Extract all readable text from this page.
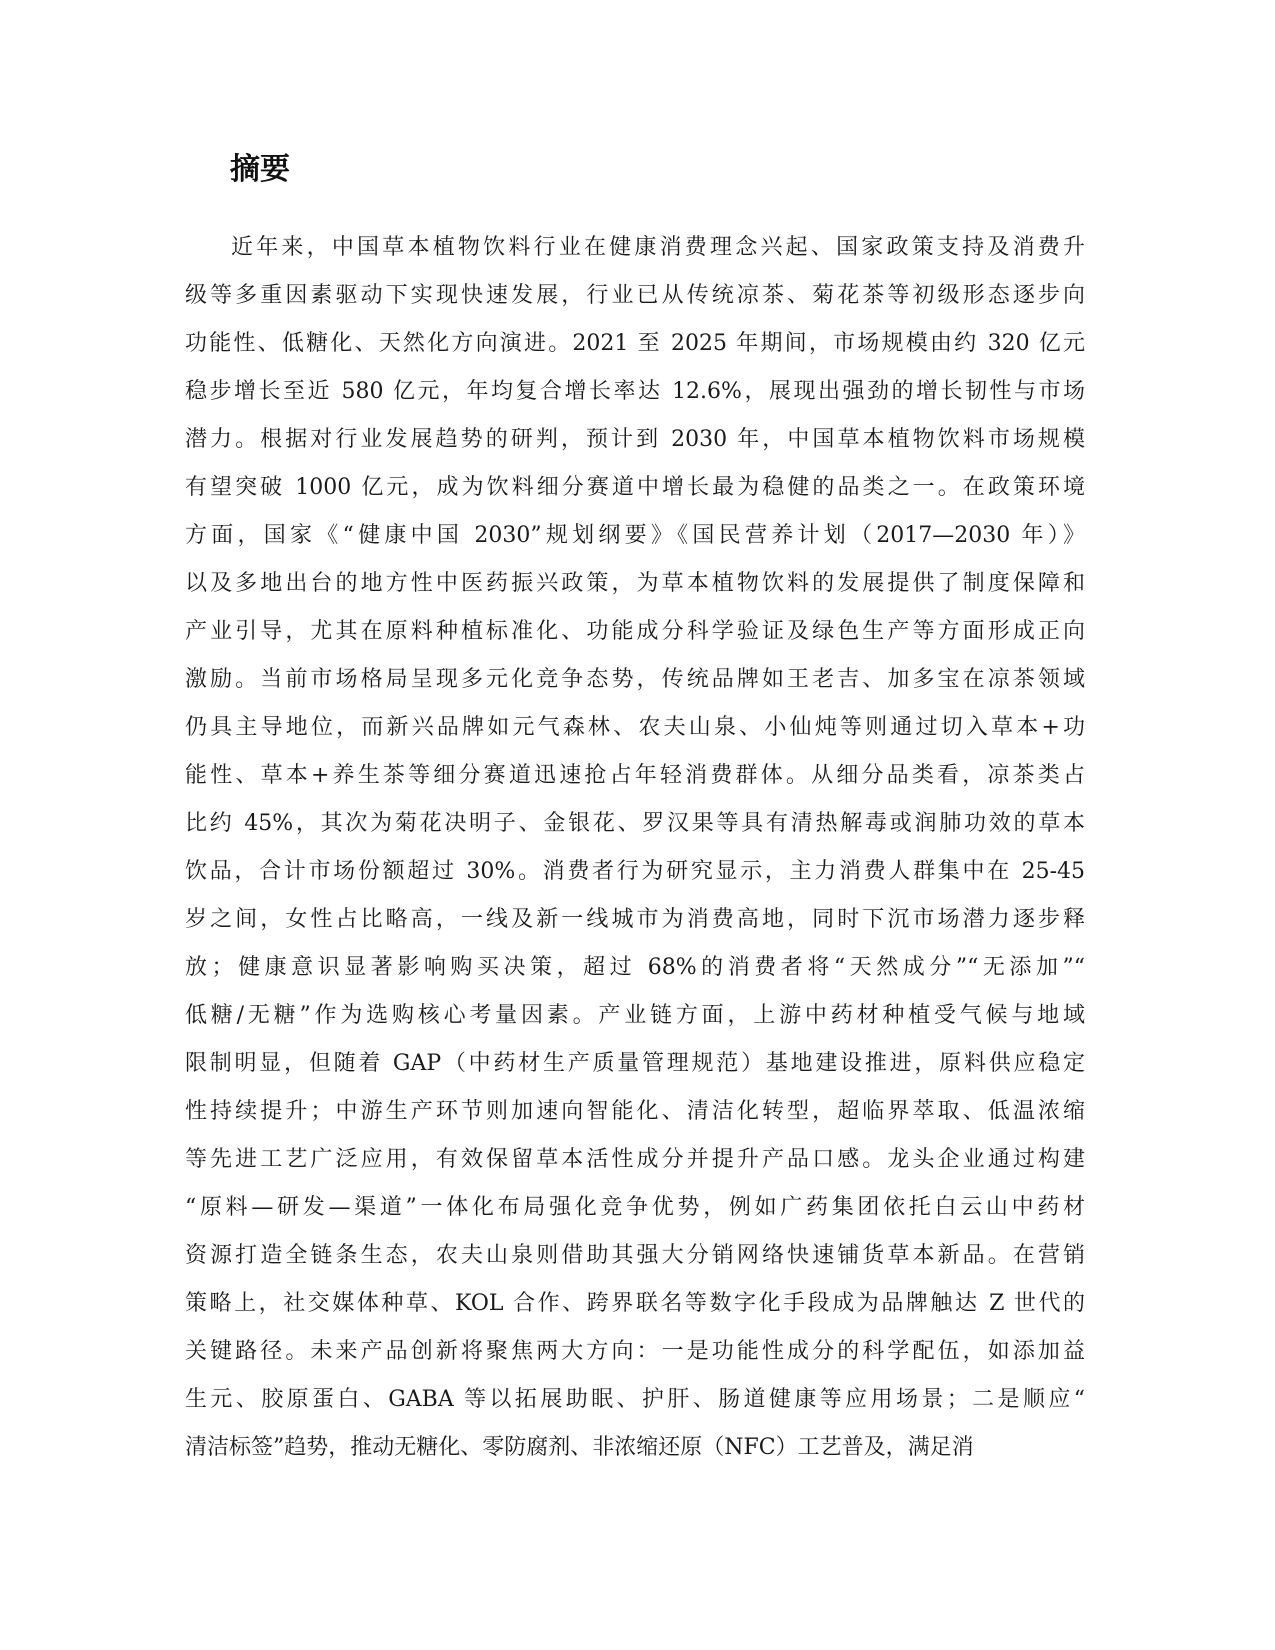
摘要
近年来，中国草本植物饮料行业在健康消费理念兴起、国家政策支持及消费升
级等多重因素驱动下实现快速发展，行业已从传统凉茶、菊花茶等初级形态逐步向
功能性、低糖化、天然化方向演进。2021 至 2025 年期间，市场规模由约 320 亿元
稳步增长至近 580 亿元，年均复合增长率达 12.6%，展现出强劲的增长韧性与市场
潜力。根据对行业发展趋势的研判，预计到 2030 年，中国草本植物饮料市场规模
有望突破 1000 亿元，成为饮料细分赛道中增长最为稳健的品类之一。在政策环境
方面，国家《“健康中国 2030”规划纲要》《国民营养计划（2017—2030 年）》
以及多地出台的地方性中医药振兴政策，为草本植物饮料的发展提供了制度保障和
产业引导，尤其在原料种植标准化、功能成分科学验证及绿色生产等方面形成正向
激励。当前市场格局呈现多元化竞争态势，传统品牌如王老吉、加多宝在凉茶领域
仍具主导地位，而新兴品牌如元气森林、农夫山泉、小仙炖等则通过切入草本+功
能性、草本+养生茶等细分赛道迅速抢占年轻消费群体。从细分品类看，凉茶类占
比约 45%，其次为菊花决明子、金银花、罗汉果等具有清热解毒或润肺功效的草本
饮品，合计市场份额超过 30%。消费者行为研究显示，主力消费人群集中在 25-45
岁之间，女性占比略高，一线及新一线城市为消费高地，同时下沉市场潜力逐步释
放；健康意识显著影响购买决策，超过 68%的消费者将“天然成分”“无添加”“
低糖/无糖”作为选购核心考量因素。产业链方面，上游中药材种植受气候与地域
限制明显，但随着 GAP（中药材生产质量管理规范）基地建设推进，原料供应稳定
性持续提升；中游生产环节则加速向智能化、清洁化转型，超临界萃取、低温浓缩
等先进工艺广泛应用，有效保留草本活性成分并提升产品口感。龙头企业通过构建
“原料—研发—渠道”一体化布局强化竞争优势，例如广药集团依托白云山中药材
资源打造全链条生态，农夫山泉则借助其强大分销网络快速铺货草本新品。在营销
策略上，社交媒体种草、KOL 合作、跨界联名等数字化手段成为品牌触达 Z 世代的
关键路径。未来产品创新将聚焦两大方向：一是功能性成分的科学配伍，如添加益
生元、胶原蛋白、GABA 等以拓展助眠、护肝、肠道健康等应用场景；二是顺应“
清洁标签”趋势，推动无糖化、零防腐剂、非浓缩还原（NFC）工艺普及，满足消
